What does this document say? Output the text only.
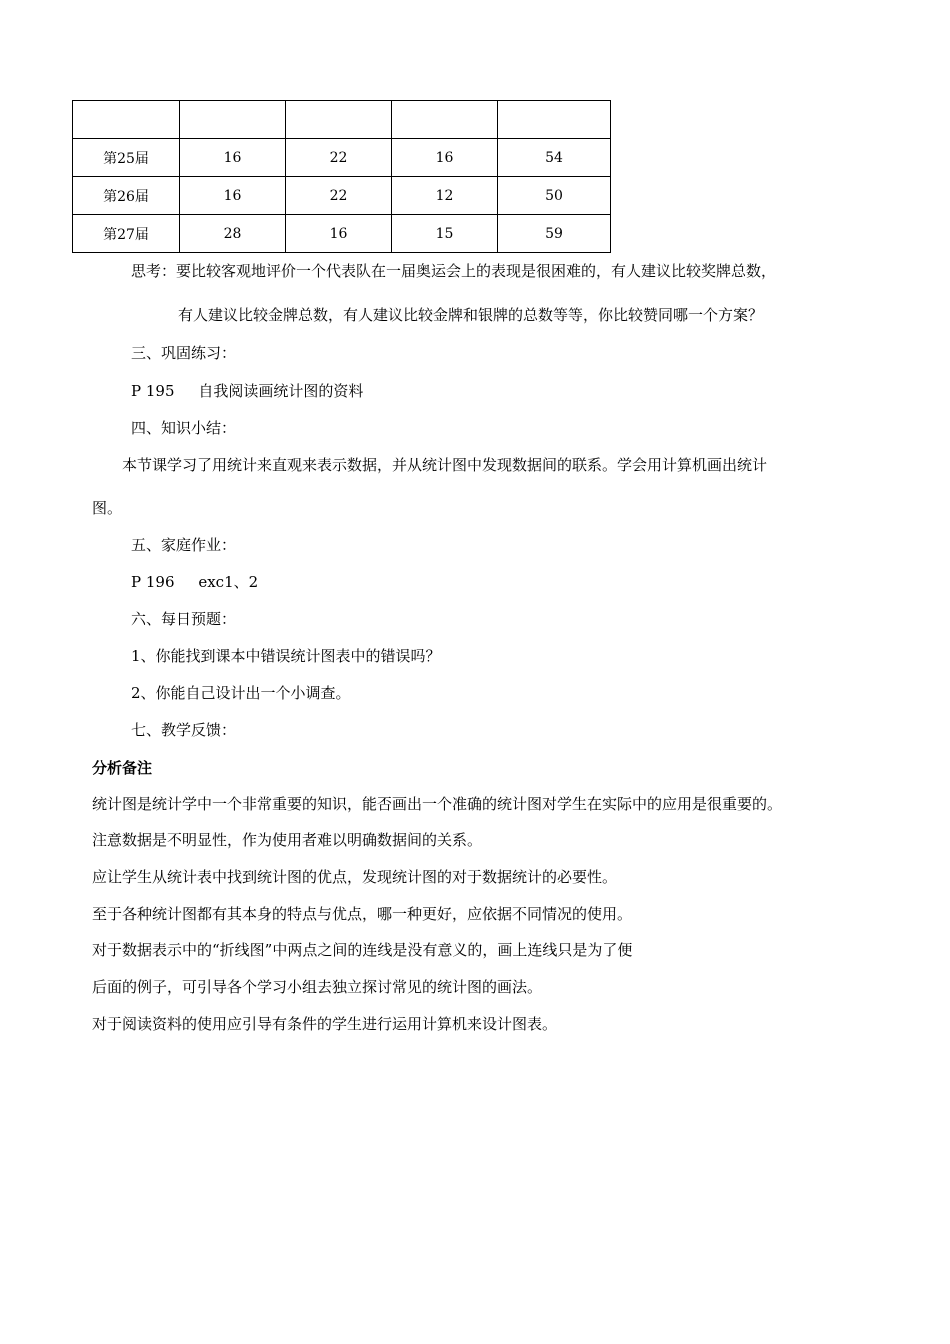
第25届	16	22	16	54
第26届	16	22	12	50
第27届	28	16	15	59
思考：要比较客观地评价一个代表队在一届奥运会上的表现是很困难的，有人建议比较奖牌总数，
有人建议比较金牌总数，有人建议比较金牌和银牌的总数等等，你比较赞同哪一个方案？
三、巩固练习：
P 195     自我阅读画统计图的资料
四、知识小结：
本节课学习了用统计来直观来表示数据，并从统计图中发现数据间的联系。学会用计算机画出统计
图。
五、家庭作业：
P 196     exc1、2
六、每日预题：
1、你能找到课本中错误统计图表中的错误吗？
2、你能自己设计出一个小调查。
七、教学反馈：
分析备注
统计图是统计学中一个非常重要的知识，能否画出一个准确的统计图对学生在实际中的应用是很重要的。
注意数据是不明显性，作为使用者难以明确数据间的关系。
应让学生从统计表中找到统计图的优点，发现统计图的对于数据统计的必要性。
至于各种统计图都有其本身的特点与优点，哪一种更好，应依据不同情况的使用。
对于数据表示中的“折线图”中两点之间的连线是没有意义的，画上连线只是为了便
后面的例子，可引导各个学习小组去独立探讨常见的统计图的画法。
对于阅读资料的使用应引导有条件的学生进行运用计算机来设计图表。
